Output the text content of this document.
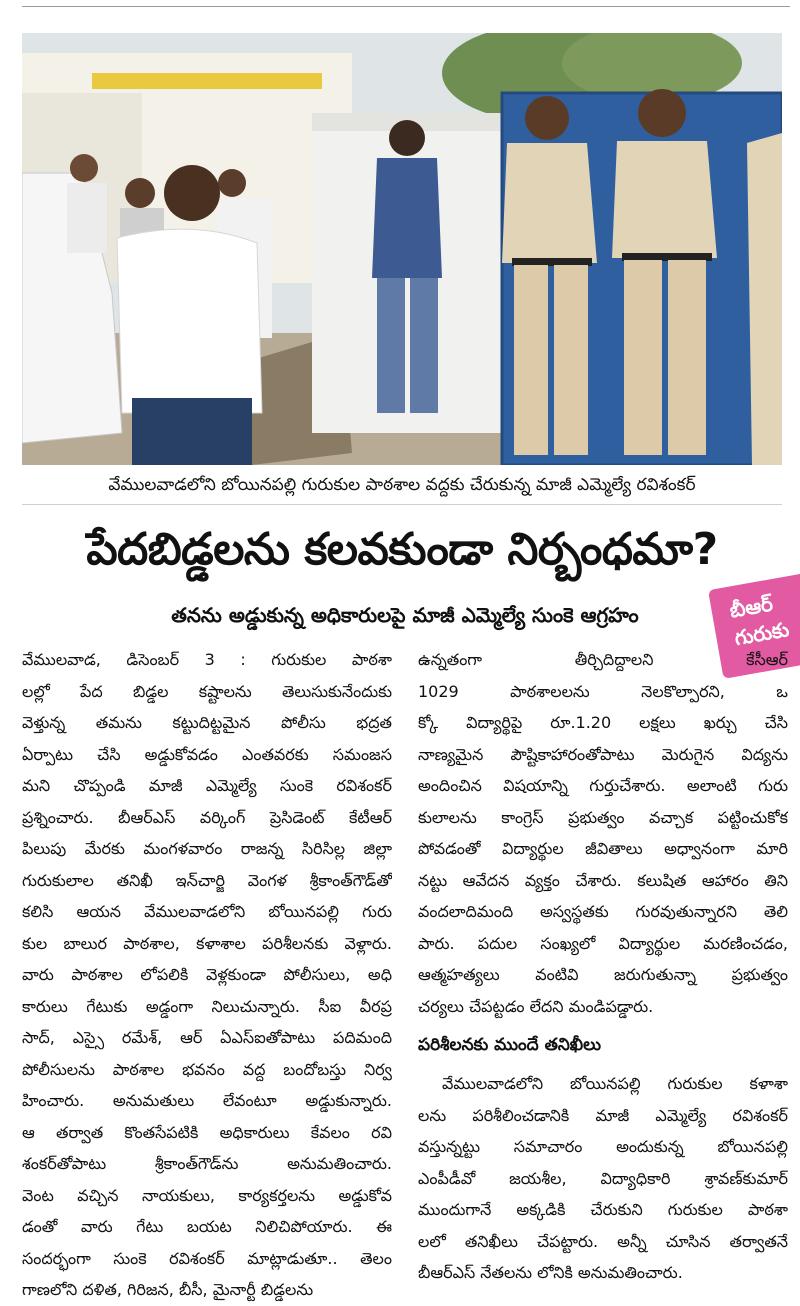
వేములవాడలోని బోయినపల్లి గురుకుల పాఠశాల వద్దకు చేరుకున్న మాజీ ఎమ్మెల్యే రవిశంకర్
పేదబిడ్డలను కలవకుండా నిర్బంధమా?
తనను అడ్డుకున్న అధికారులపై మాజీ ఎమ్మెల్యే సుంకె ఆగ్రహం	బీఆర్
గురుకు
వేములవాడ, డిసెంబర్ 3 : గురుకుల పాఠశా
లల్లో పేద బిడ్డల కష్టాలను తెలుసుకునేందుకు
వెళ్తున్న తమను కట్టుదిట్టమైన పోలీసు భద్రత
ఏర్పాటు చేసి అడ్డుకోవడం ఎంతవరకు సమంజస
మని చొప్పండి మాజీ ఎమ్మెల్యే సుంకె రవిశంకర్
ప్రశ్నించారు. బీఆర్ఎస్ వర్కింగ్ ప్రెసిడెంట్ కేటీఆర్
పిలుపు మేరకు మంగళవారం రాజన్న సిరిసిల్ల జిల్లా
గురుకులాల తనిఖీ ఇన్‌చార్జి వెంగళ శ్రీకాంత్‌గౌడ్‌తో
కలిసి ఆయన వేములవాడలోని బోయినపల్లి గురు
కుల బాలుర పాఠశాల, కళాశాల పరిశీలనకు వెళ్లారు.
వారు పాఠశాల లోపలికి వెళ్లకుండా పోలీసులు, అధి
కారులు గేటుకు అడ్డంగా నిలుచున్నారు. సీఐ వీరప్ర
సాద్, ఎస్సై రమేశ్, ఆర్ ఏఎస్ఐతోపాటు పదిమంది
పోలీసులను పాఠశాల భవనం వద్ద బందోబస్తు నిర్వ
హించారు. అనుమతులు లేవంటూ అడ్డుకున్నారు.
ఆ తర్వాత కొంతసేపటికి అధికారులు కేవలం రవి
శంకర్‌తోపాటు శ్రీకాంత్‌గౌడ్‌ను అనుమతించారు.
వెంట వచ్చిన నాయకులు, కార్యకర్తలను అడ్డుకోవ
డంతో వారు గేటు బయట నిలిచిపోయారు. ఈ
సందర్భంగా సుంకె రవిశంకర్ మాట్లాడుతూ.. తెలం
గాణలోని దళిత, గిరిజన, బీసీ, మైనార్టీ బిడ్డలను
ఉన్నతంగా తీర్చిదిద్దాలని కేసీఆర్
1029 పాఠశాలలను నెలకొల్పారని, ఒ
క్కో విద్యార్థిపై రూ.1.20 లక్షలు ఖర్చు చేసి
నాణ్యమైన పౌష్టికాహారంతోపాటు మెరుగైన విద్యను
అందించిన విషయాన్ని గుర్తుచేశారు. అలాంటి గురు
కులాలను కాంగ్రెస్ ప్రభుత్వం వచ్చాక పట్టించుకోక
పోవడంతో విద్యార్థుల జీవితాలు అధ్వానంగా మారి
నట్టు ఆవేదన వ్యక్తం చేశారు. కలుషిత ఆహారం తిని
వందలాదిమంది అస్వస్థతకు గురవుతున్నారని తెలి
పారు. పదుల సంఖ్యలో విద్యార్థుల మరణించడం,
ఆత్మహత్యలు వంటివి జరుగుతున్నా ప్రభుత్వం
చర్యలు చేపట్టడం లేదని మండిపడ్డారు.
పరిశీలనకు ముందే తనిఖీలు
వేములవాడలోని బోయినపల్లి గురుకుల కళాశా
లను పరిశీలించడానికి మాజీ ఎమ్మెల్యే రవిశంకర్
వస్తున్నట్టు సమాచారం అందుకున్న బోయినపల్లి
ఎంపీడీవో జయశీల, విద్యాధికారి శ్రావణ్‌కుమార్
ముందుగానే అక్కడికి చేరుకుని గురుకుల పాఠశా
లలో తనిఖీలు చేపట్టారు. అన్నీ చూసిన తర్వాతనే
బీఆర్ఎస్ నేతలను లోనికి అనుమతించారు.
